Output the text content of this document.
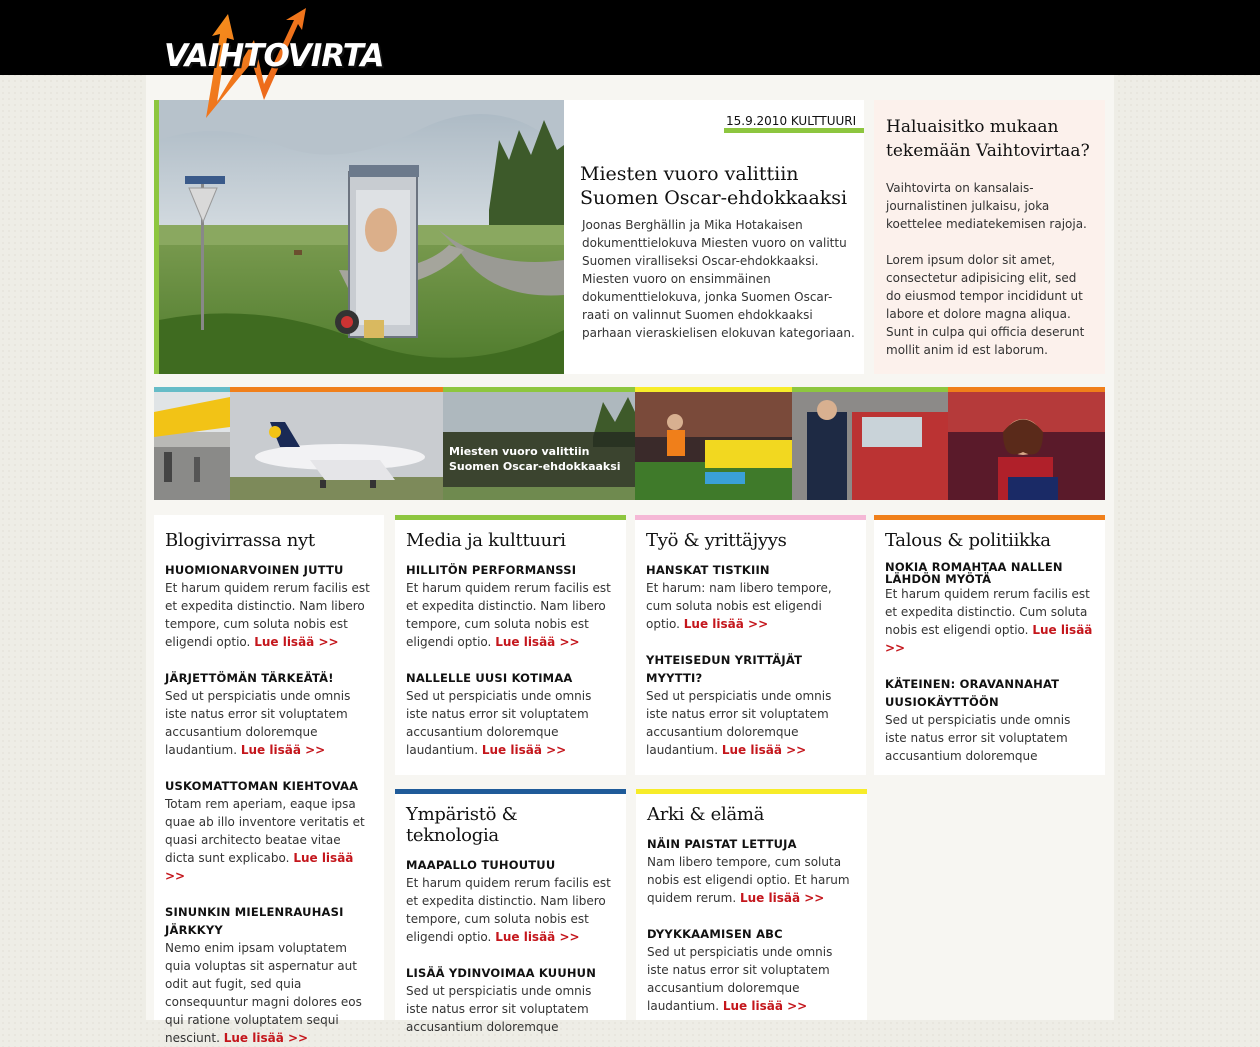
VAIHTOVIRTA
15.9.2010 KULTTUURI
Miesten vuoro valittiin Suomen Oscar-ehdokkaaksi
Joonas Berghällin ja Mika Hotakaisen dokumenttielokuva Miesten vuoro on valittu Suomen viralliseksi Oscar-ehdokkaaksi. Miesten vuoro on ensimmäinen dokumenttielokuva, jonka Suomen Oscar-raati on valinnut Suomen ehdokkaaksi parhaan vieraskielisen elokuvan kategoriaan.
Haluaisitko mukaan tekemään Vaihtovirtaa?
Vaihtovirta on kansalais-journalistinen julkaisu, joka koettelee mediatekemisen rajoja.
Lorem ipsum dolor sit amet, consectetur adipisicing elit, sed do eiusmod tempor incididunt ut labore et dolore magna aliqua. Sunt in culpa qui officia deserunt mollit anim id est laborum.
Miesten vuoro valittiin Suomen Oscar-ehdokkaaksi
Blogivirrassa nyt
HUOMIONARVOINEN JUTTU
Et harum quidem rerum facilis est et expedita distinctio. Nam libero tempore, cum soluta nobis est eligendi optio. Lue lisää >>
JÄRJETTÖMÄN TÄRKEÄTÄ!
Sed ut perspiciatis unde omnis iste natus error sit voluptatem accusantium doloremque laudantium. Lue lisää >>
USKOMATTOMAN KIEHTOVAA
Totam rem aperiam, eaque ipsa quae ab illo inventore veritatis et quasi architecto beatae vitae dicta sunt explicabo. Lue lisää >>
SINUNKIN MIELENRAUHASI JÄRKKYY
Nemo enim ipsam voluptatem quia voluptas sit aspernatur aut odit aut fugit, sed quia consequuntur magni dolores eos qui ratione voluptatem sequi nesciunt. Lue lisää >>
Media ja kulttuuri
HILLITÖN PERFORMANSSI
Et harum quidem rerum facilis est et expedita distinctio. Nam libero tempore, cum soluta nobis est eligendi optio. Lue lisää >>
NALLELLE UUSI KOTIMAA
Sed ut perspiciatis unde omnis iste natus error sit voluptatem accusantium doloremque laudantium. Lue lisää >>
Työ & yrittäjyys
HANSKAT TISTKIIN
Et harum: nam libero tempore, cum soluta nobis est eligendi optio. Lue lisää >>
YHTEISEDUN YRITTÄJÄT MYYTTI?
Sed ut perspiciatis unde omnis iste natus error sit voluptatem accusantium doloremque laudantium. Lue lisää >>
Talous & politiikka
NOKIA ROMAHTAA NALLEN LÄHDÖN MYÖTÄ
Et harum quidem rerum facilis est et expedita distinctio. Cum soluta nobis est eligendi optio. Lue lisää >>
KÄTEINEN: ORAVANNAHAT UUSIOKÄYTTÖÖN
Sed ut perspiciatis unde omnis iste natus error sit voluptatem accusantium doloremque
Ympäristö & teknologia
MAAPALLO TUHOUTUU
Et harum quidem rerum facilis est et expedita distinctio. Nam libero tempore, cum soluta nobis est eligendi optio. Lue lisää >>
LISÄÄ YDINVOIMAA KUUHUN
Sed ut perspiciatis unde omnis iste natus error sit voluptatem accusantium doloremque
Arki & elämä
NÄIN PAISTAT LETTUJA
Nam libero tempore, cum soluta nobis est eligendi optio. Et harum quidem rerum. Lue lisää >>
DYYKKAAMISEN ABC
Sed ut perspiciatis unde omnis iste natus error sit voluptatem accusantium doloremque laudantium. Lue lisää >>
